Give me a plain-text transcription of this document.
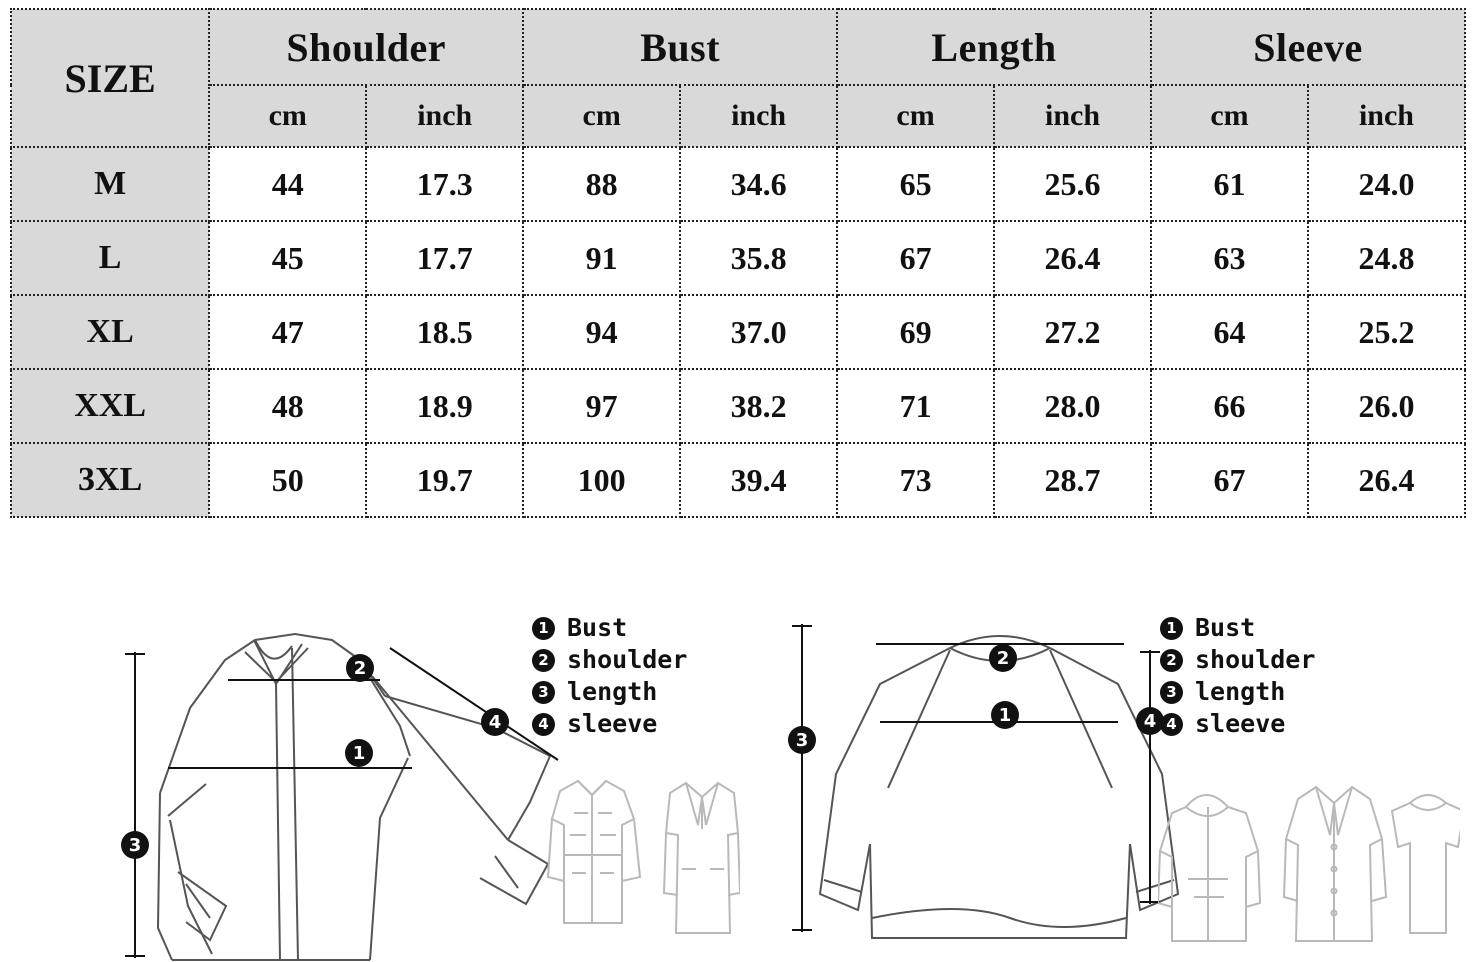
SIZE	Shoulder		Bust		Length		Sleeve	
	cm	inch	cm	inch	cm	inch	cm	inch
M	44	17.3	88	34.6	65	25.6	61	24.0
L	45	17.7	91	35.8	67	26.4	63	24.8
XL	47	18.5	94	37.0	69	27.2	64	25.2
XXL	48	18.9	97	38.2	71	28.0	66	26.0
3XL	50	19.7	100	39.4	73	28.7	67	26.4
1
2
3
4
1 Bust
2 shoulder
3 length
4 sleeve	1
2
3
4
1 Bust
2 shoulder
3 length
4 sleeve
